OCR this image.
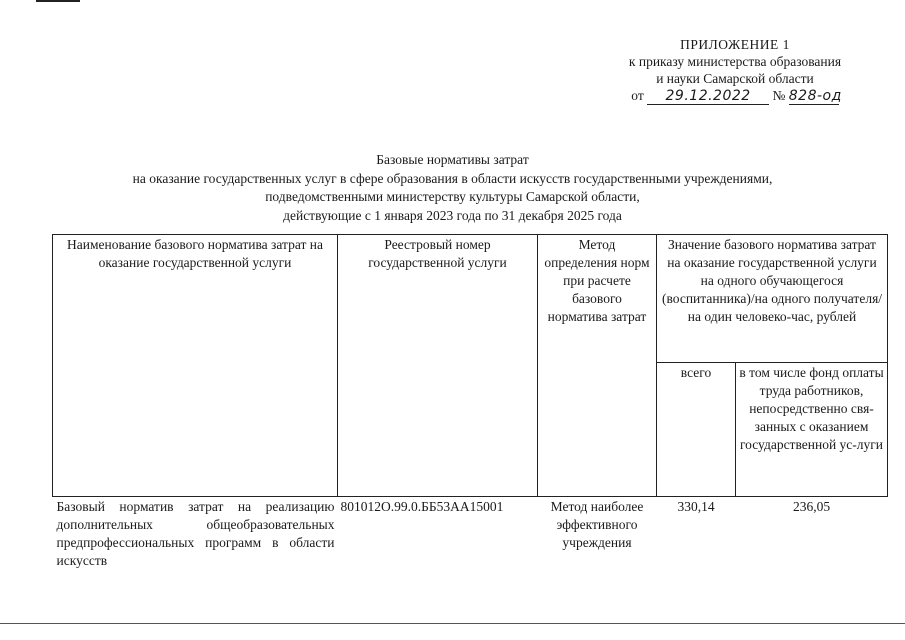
ПРИЛОЖЕНИЕ 1
к приказу министерства образования
и науки Самарской области
от 29.12.2022 № 828-од
Базовые нормативы затрат
на оказание государственных услуг в сфере образования в области искусств государственными учреждениями,
подведомственными министерству культуры Самарской области,
действующие с 1 января 2023 года по 31 декабря 2025 года
Наименование базового норматива затрат на оказание государственной услуги	Реестровый номер государственной услуги	Метод определения норм при расчете базового норматива затрат	Значение базового норматива затрат на оказание государственной услуги на одного обучающегося (воспитанника)/на одного получателя/на один человеко-час, рублей	
			всего	в том числе фонд оплаты труда работников, непосредственно свя-занных с оказанием государственной ус-луги
Базовый норматив затрат на реализацию дополнительных общеобразовательных предпрофессиональных программ в области искусств	801012О.99.0.ББ53АА15001	Метод наиболее эффективного учреждения	330,14	236,05
